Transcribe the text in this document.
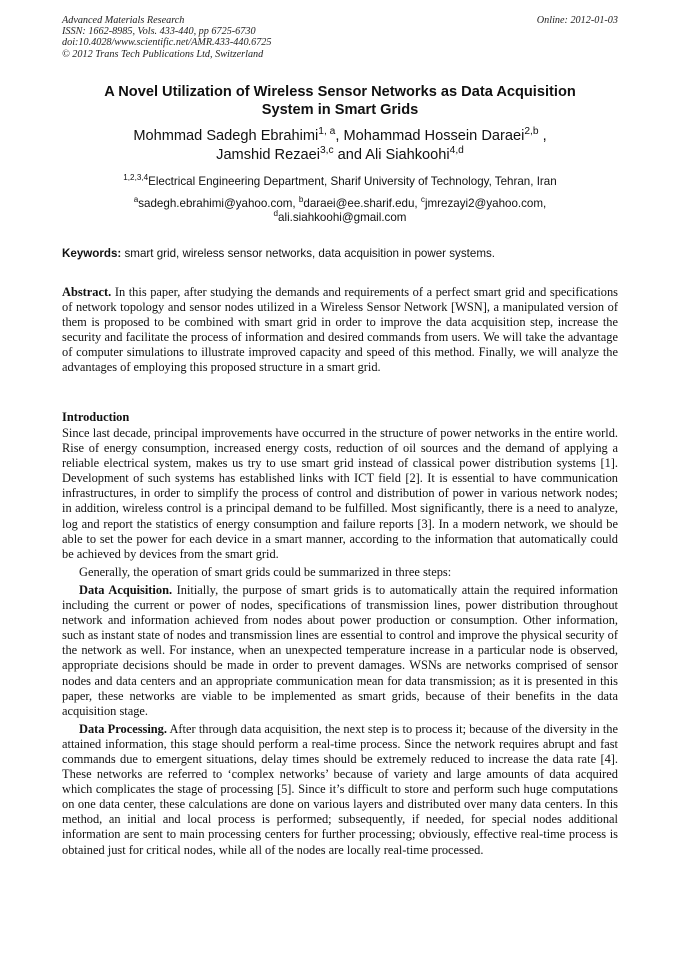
Advanced Materials Research
ISSN: 1662-8985, Vols. 433-440, pp 6725-6730
doi:10.4028/www.scientific.net/AMR.433-440.6725
© 2012 Trans Tech Publications Ltd, Switzerland
Online: 2012-01-03
A Novel Utilization of Wireless Sensor Networks as Data Acquisition
System in Smart Grids
Mohmmad Sadegh Ebrahimi$^{1, a}$, Mohammad Hossein Daraei$^{2,b}$ ,
Jamshid Rezaei$^{3,c}$ and Ali Siahkoohi$^{4,d}$
$^{1,2,3,4}$Electrical Engineering Department, Sharif University of Technology, Tehran, Iran
$^a$sadegh.ebrahimi@yahoo.com, $^b$daraei@ee.sharif.edu, $^c$jmrezayi2@yahoo.com,
$^d$ali.siahkoohi@gmail.com
Keywords: smart grid, wireless sensor networks, data acquisition in power systems.
Abstract. In this paper, after studying the demands and requirements of a perfect smart grid and specifications of network topology and sensor nodes utilized in a Wireless Sensor Network [WSN], a manipulated version of them is proposed to be combined with smart grid in order to improve the data acquisition step, increase the security and facilitate the process of information and desired commands from users. We will take the advantage of computer simulations to illustrate improved capacity and speed of this method. Finally, we will analyze the advantages of employing this proposed structure in a smart grid.
Introduction

Since last decade, principal improvements have occurred in the structure of power networks in the entire world. Rise of energy consumption, increased energy costs, reduction of oil sources and the demand of applying a reliable electrical system, makes us try to use smart grid instead of classical power distribution systems [1]. Development of such systems has established links with ICT field [2]. It is essential to have communication infrastructures, in order to simplify the process of control and distribution of power in various network nodes; in addition, wireless control is a principal demand to be fulfilled. Most significantly, there is a need to analyze, log and report the statistics of energy consumption and failure reports [3]. In a modern network, we should be able to set the power for each device in a smart manner, according to the information that automatically could be achieved by devices from the smart grid.

Generally, the operation of smart grids could be summarized in three steps:

Data Acquisition. Initially, the purpose of smart grids is to automatically attain the required information including the current or power of nodes, specifications of transmission lines, power distribution throughout network and information achieved from nodes about power production or consumption. Other information, such as instant state of nodes and transmission lines are essential to control and improve the physical security of the network as well. For instance, when an unexpected temperature increase in a particular node is observed, appropriate decisions should be made in order to prevent damages. WSNs are networks comprised of sensor nodes and data centers and an appropriate communication mean for data transmission; as it is presented in this paper, these networks are viable to be implemented as smart grids, because of their benefits in the data acquisition stage.

Data Processing. After through data acquisition, the next step is to process it; because of the diversity in the attained information, this stage should perform a real-time process. Since the network requires abrupt and fast commands due to emergent situations, delay times should be extremely reduced to increase the data rate [4]. These networks are referred to ‘complex networks’ because of variety and large amounts of data acquired which complicates the stage of processing [5]. Since it’s difficult to store and perform such huge computations on one data center, these calculations are done on various layers and distributed over many data centers. In this method, an initial and local process is performed; subsequently, if needed, for special nodes additional information are sent to main processing centers for further processing; obviously, effective real-time process is obtained just for critical nodes, while all of the nodes are locally real-time processed.
